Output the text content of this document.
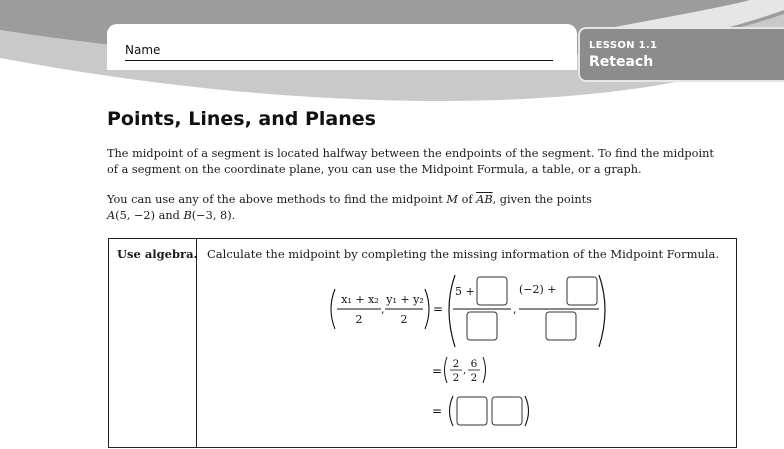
Name	LESSON 1.1
Reteach
Points, Lines, and Planes

The midpoint of a segment is located halfway between the endpoints of the segment. To find the midpoint
of a segment on the coordinate plane, you can use the Midpoint Formula, a table, or a graph.

You can use any of the above methods to find the midpoint M of $\overline{AB}$, given the points
A(5, −2) and B(−3, 8).

Use algebra. Calculate the midpoint by completing the missing information of the Midpoint Formula.
x₁ + x₂
2
,
y₁ + y₂
2
=
5 +
,
(−2) +
= 2
2
, 6
2
=
